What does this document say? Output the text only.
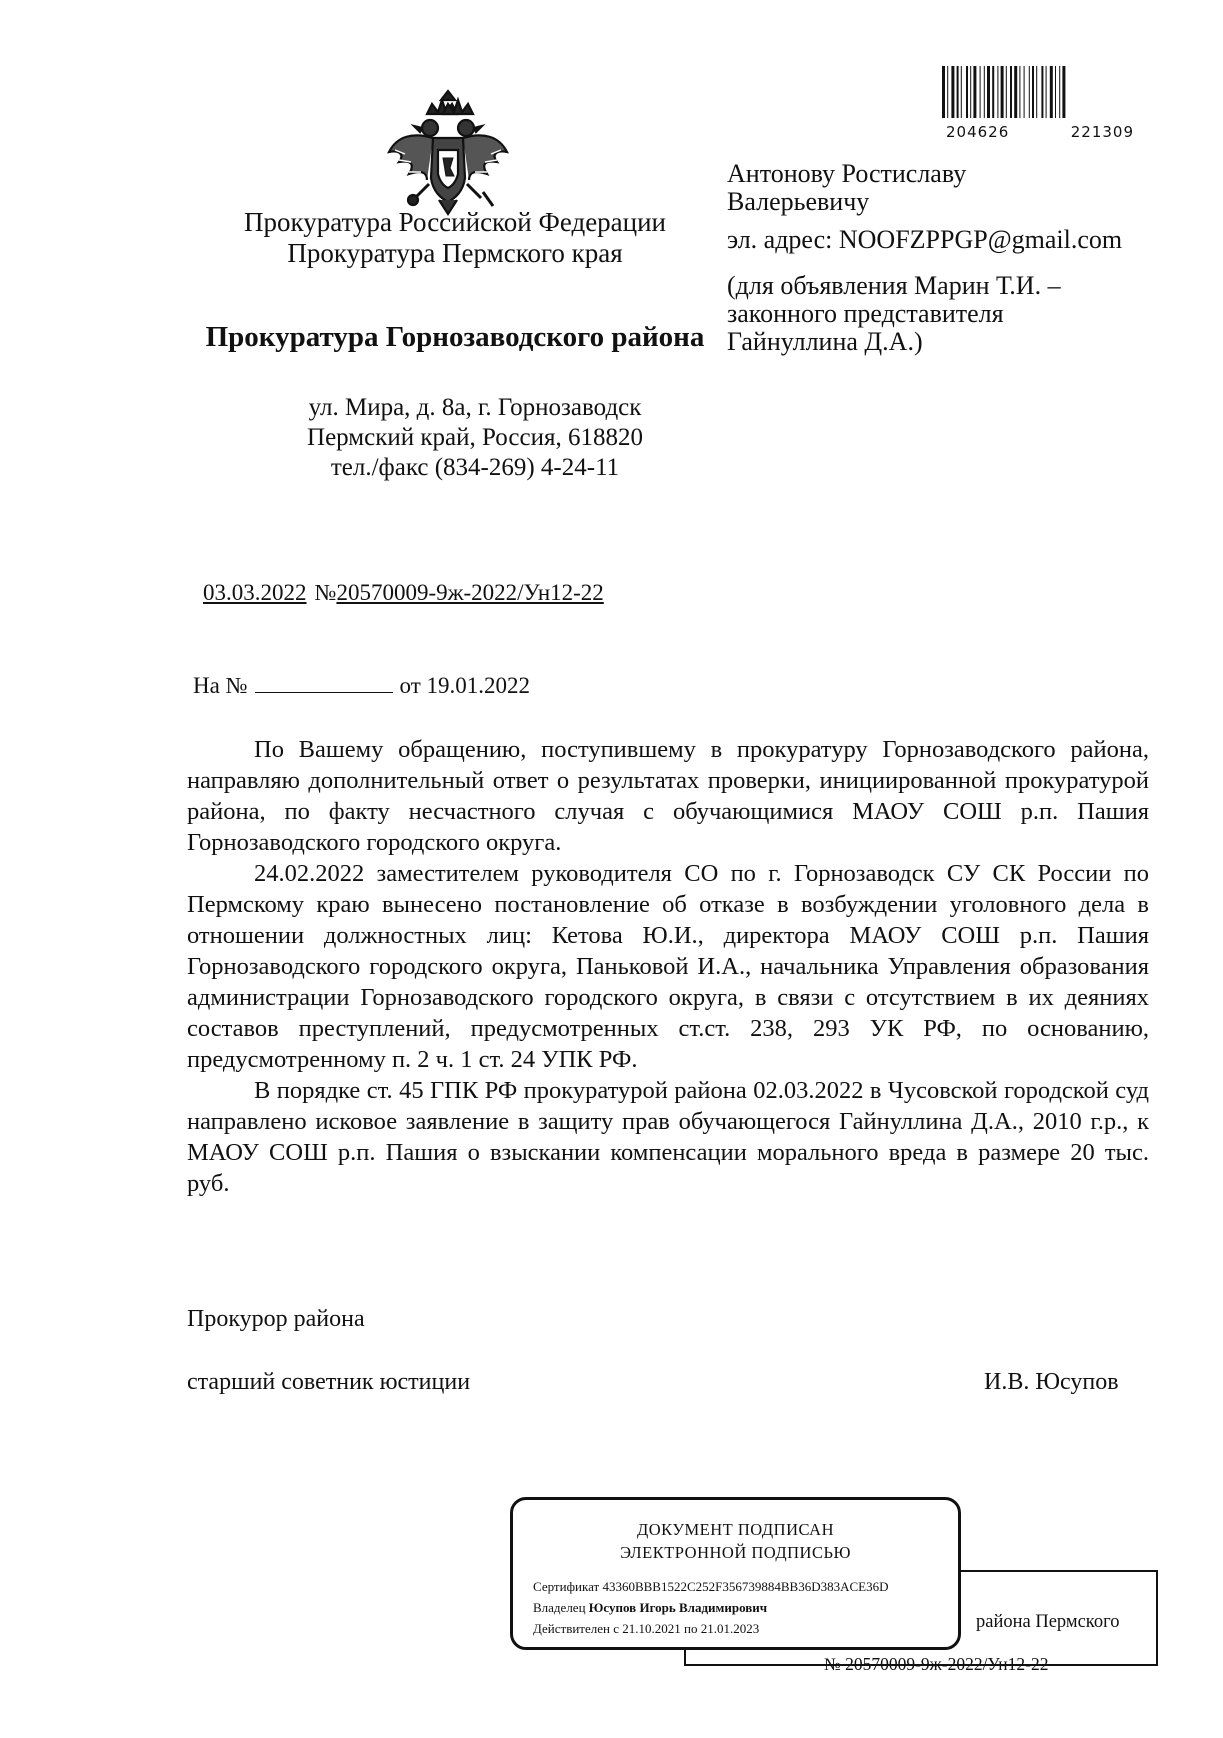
Прокуратура Российской Федерации
Прокуратура Пермского края
Прокуратура Горнозаводского района
ул. Мира, д. 8а, г. Горнозаводск
Пермский край, Россия, 618820
тел./факс (834-269) 4-24-11
03.03.2022 №20570009-9ж-2022/Ун12-22
На №	от 19.01.2022
204626	221309
Антонову Ростиславу
Валерьевичу
эл. адрес: NOOFZPPGP@gmail.com
(для объявления Марин Т.И. –
законного представителя
Гайнуллина Д.А.)

По Вашему обращению, поступившему в прокуратуру Горнозаводского района, направляю дополнительный ответ о результатах проверки, инициированной прокуратурой района, по факту несчастного случая с обучающимися МАОУ СОШ р.п. Пашия Горнозаводского городского округа.

24.02.2022 заместителем руководителя СО по г. Горнозаводск СУ СК России по Пермскому краю вынесено постановление об отказе в возбуждении уголовного дела в отношении должностных лиц: Кетова Ю.И., директора МАОУ СОШ р.п. Пашия Горнозаводского городского округа, Паньковой И.А., начальника Управления образования администрации Горнозаводского городского округа, в связи с отсутствием в их деяниях составов преступлений, предусмотренных ст.ст. 238, 293 УК РФ, по основанию, предусмотренному п. 2 ч. 1 ст. 24 УПК РФ.

В порядке ст. 45 ГПК РФ прокуратурой района 02.03.2022 в Чусовской городской суд направлено исковое заявление в защиту прав обучающегося Гайнуллина Д.А., 2010 г.р., к МАОУ СОШ р.п. Пашия о взыскании компенсации морального вреда в размере 20 тыс. руб.

Прокурор района
старший советник юстиции	И.В. Юсупов
района Пермского
№ 20570009-9ж-2022/Ун12-22
ДОКУМЕНТ ПОДПИСАН
ЭЛЕКТРОННОЙ ПОДПИСЬЮ
Сертификат 43360BBB1522C252F356739884BB36D383ACE36D
Владелец Юсупов Игорь Владимирович
Действителен с 21.10.2021 по 21.01.2023
